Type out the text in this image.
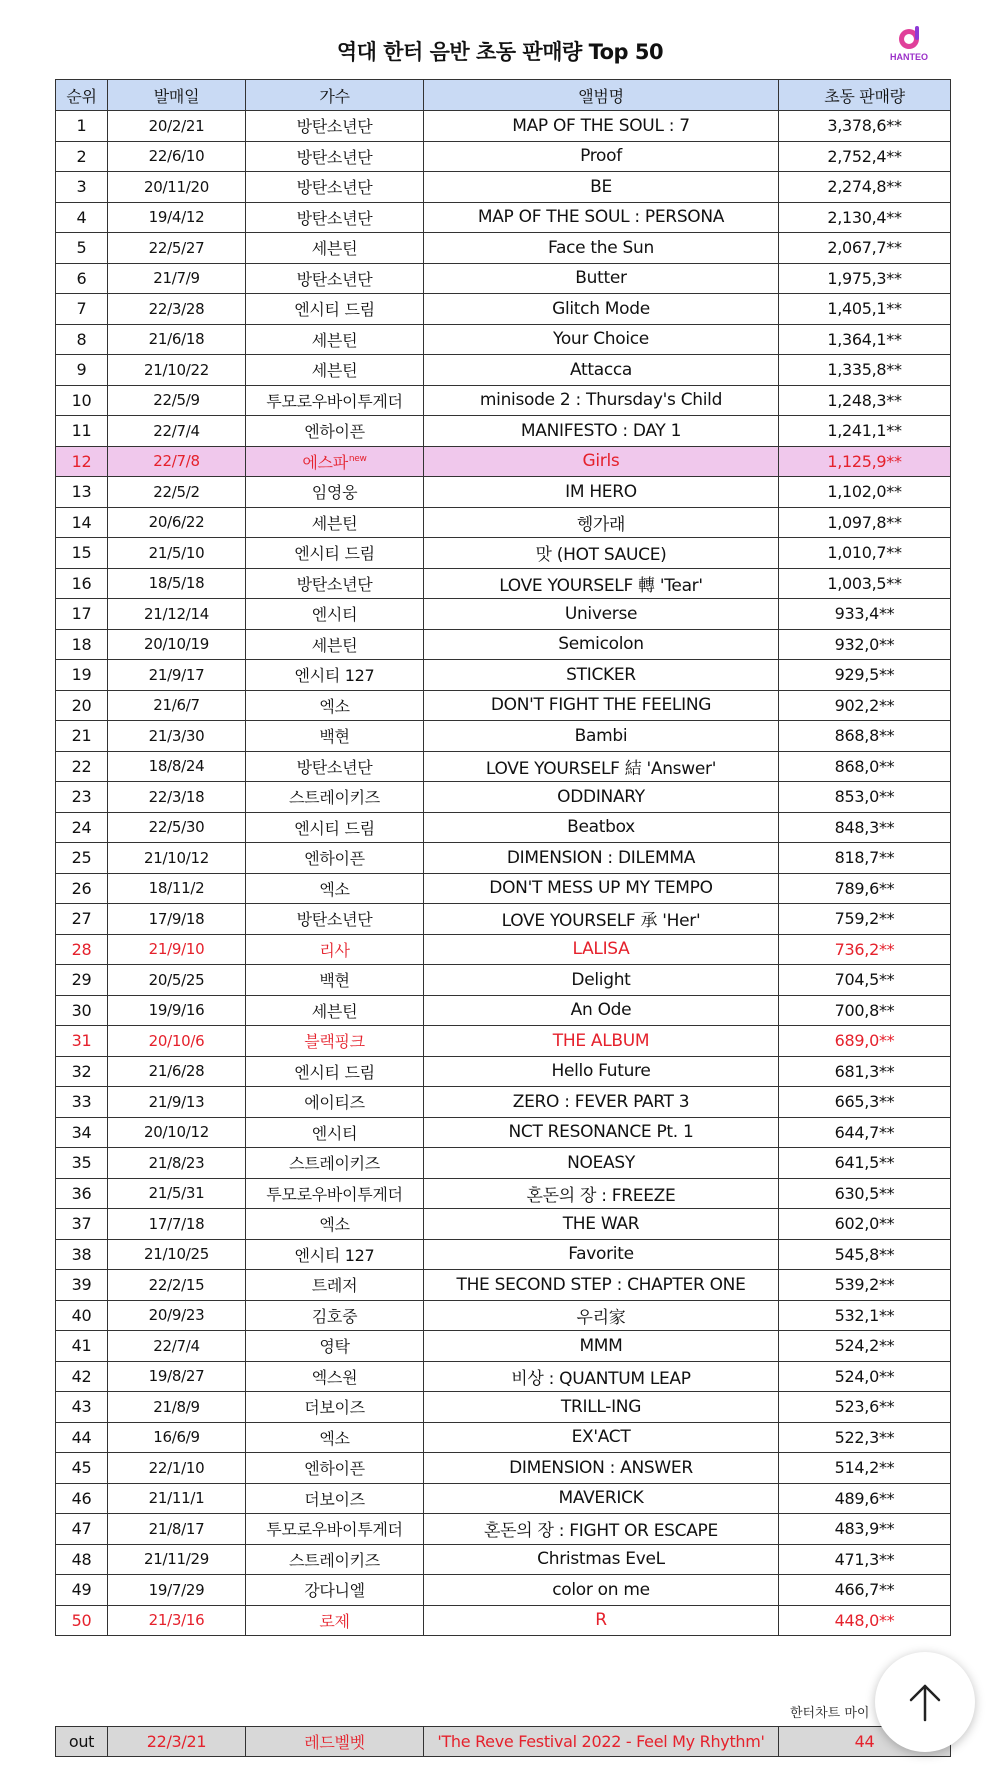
역대 한터 음반 초동 판매량 Top 50	HANTEO
순위	발매일	가수	앨범명	초동 판매량
1	20/2/21	방탄소년단	MAP OF THE SOUL : 7	3,378,6**
2	22/6/10	방탄소년단	Proof	2,752,4**
3	20/11/20	방탄소년단	BE	2,274,8**
4	19/4/12	방탄소년단	MAP OF THE SOUL : PERSONA	2,130,4**
5	22/5/27	세븐틴	Face the Sun	2,067,7**
6	21/7/9	방탄소년단	Butter	1,975,3**
7	22/3/28	엔시티 드림	Glitch Mode	1,405,1**
8	21/6/18	세븐틴	Your Choice	1,364,1**
9	21/10/22	세븐틴	Attacca	1,335,8**
10	22/5/9	투모로우바이투게더	minisode 2 : Thursday's Child	1,248,3**
11	22/7/4	엔하이픈	MANIFESTO : DAY 1	1,241,1**
12	22/7/8	에스파$^{new}$	Girls	1,125,9**
13	22/5/2	임영웅	IM HERO	1,102,0**
14	20/6/22	세븐틴	헹가래	1,097,8**
15	21/5/10	엔시티 드림	맛 (HOT SAUCE)	1,010,7**
16	18/5/18	방탄소년단	LOVE YOURSELF 轉 'Tear'	1,003,5**
17	21/12/14	엔시티	Universe	933,4**
18	20/10/19	세븐틴	Semicolon	932,0**
19	21/9/17	엔시티 127	STICKER	929,5**
20	21/6/7	엑소	DON'T FIGHT THE FEELING	902,2**
21	21/3/30	백현	Bambi	868,8**
22	18/8/24	방탄소년단	LOVE YOURSELF 結 'Answer'	868,0**
23	22/3/18	스트레이키즈	ODDINARY	853,0**
24	22/5/30	엔시티 드림	Beatbox	848,3**
25	21/10/12	엔하이픈	DIMENSION : DILEMMA	818,7**
26	18/11/2	엑소	DON'T MESS UP MY TEMPO	789,6**
27	17/9/18	방탄소년단	LOVE YOURSELF 承 'Her'	759,2**
28	21/9/10	리사	LALISA	736,2**
29	20/5/25	백현	Delight	704,5**
30	19/9/16	세븐틴	An Ode	700,8**
31	20/10/6	블랙핑크	THE ALBUM	689,0**
32	21/6/28	엔시티 드림	Hello Future	681,3**
33	21/9/13	에이티즈	ZERO : FEVER PART 3	665,3**
34	20/10/12	엔시티	NCT RESONANCE Pt. 1	644,7**
35	21/8/23	스트레이키즈	NOEASY	641,5**
36	21/5/31	투모로우바이투게더	혼돈의 장 : FREEZE	630,5**
37	17/7/18	엑소	THE WAR	602,0**
38	21/10/25	엔시티 127	Favorite	545,8**
39	22/2/15	트레저	THE SECOND STEP : CHAPTER ONE	539,2**
40	20/9/23	김호중	우리家	532,1**
41	22/7/4	영탁	MMM	524,2**
42	19/8/27	엑스원	비상 : QUANTUM LEAP	524,0**
43	21/8/9	더보이즈	TRILL-ING	523,6**
44	16/6/9	엑소	EX'ACT	522,3**
45	22/1/10	엔하이픈	DIMENSION : ANSWER	514,2**
46	21/11/1	더보이즈	MAVERICK	489,6**
47	21/8/17	투모로우바이투게더	혼돈의 장 : FIGHT OR ESCAPE	483,9**
48	21/11/29	스트레이키즈	Christmas EveL	471,3**
49	19/7/29	강다니엘	color on me	466,7**
50	21/3/16	로제	R	448,0**
한터차트 마이
out	22/3/21	레드벨벳	'The Reve Festival 2022 - Feel My Rhythm'	44
